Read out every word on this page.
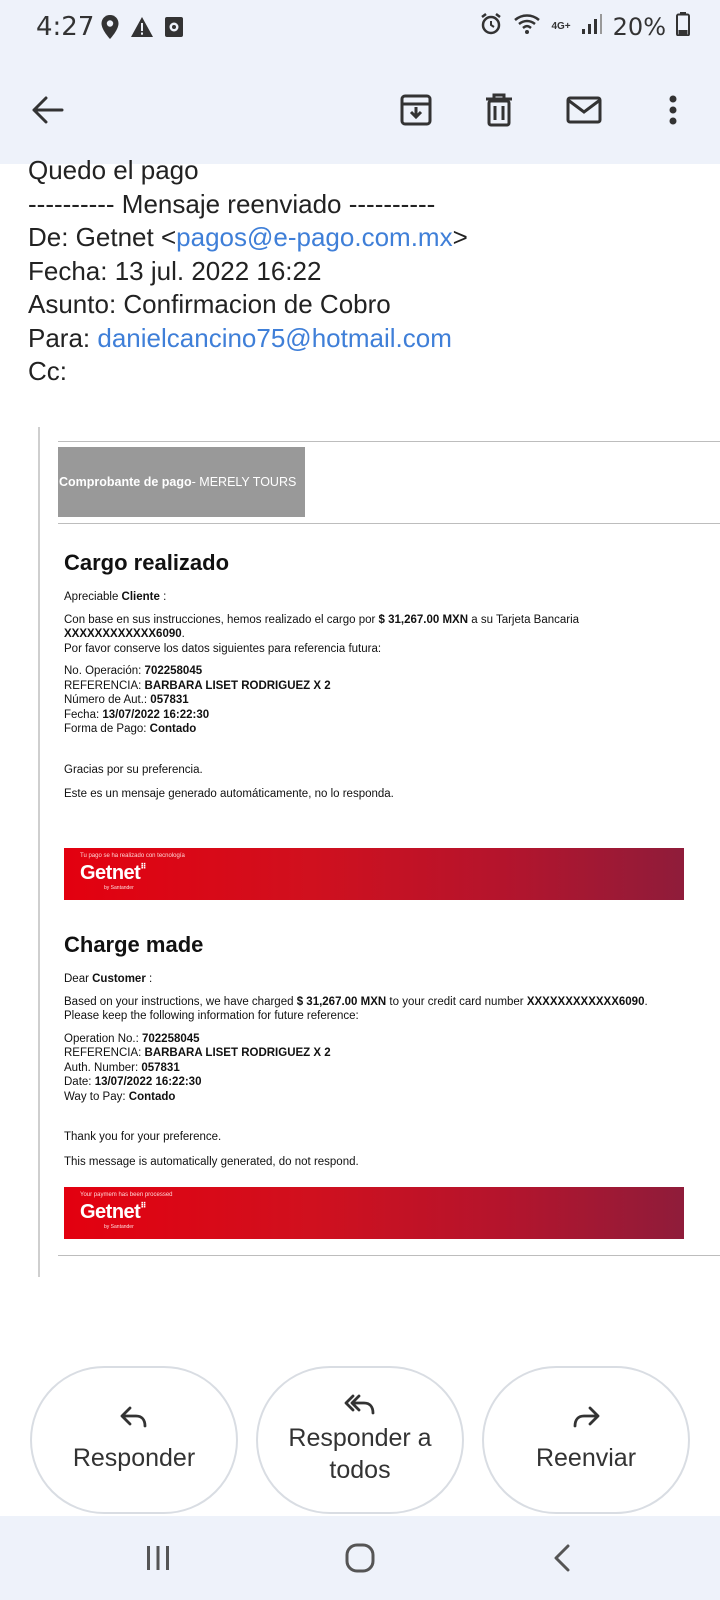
4:27	4G+ 20%
Quedo el pago
---------- Mensaje reenviado ----------
De: Getnet <pagos@e-pago.com.mx>
Fecha: 13 jul. 2022 16:22
Asunto: Confirmacion de Cobro
Para: danielcancino75@hotmail.com
Cc:
Comprobante de pago - MERELY TOURS
Cargo realizado
Apreciable Cliente :
Con base en sus instrucciones, hemos realizado el cargo por $ 31,267.00 MXN a su Tarjeta Bancaria
XXXXXXXXXXXX6090.
Por favor conserve los datos siguientes para referencia futura:
No. Operación: 702258045
REFERENCIA: BARBARA LISET RODRIGUEZ X 2
Número de Aut.: 057831
Fecha: 13/07/2022 16:22:30
Forma de Pago: Contado
Gracias por su preferencia.
Este es un mensaje generado automáticamente, no lo responda.
Tu pago se ha realizado con tecnología
Getnet⠿
by Santander
Charge made
Dear Customer :
Based on your instructions, we have charged $ 31,267.00 MXN to your credit card number XXXXXXXXXXXX6090.
Please keep the following information for future reference:
Operation No.: 702258045
REFERENCIA: BARBARA LISET RODRIGUEZ X 2
Auth. Number: 057831
Date: 13/07/2022 16:22:30
Way to Pay: Contado
Thank you for your preference.
This message is automatically generated, do not respond.
Your paymem has been processed
Getnet⠿
by Santander
Responder
Responder a
todos	Reenviar
